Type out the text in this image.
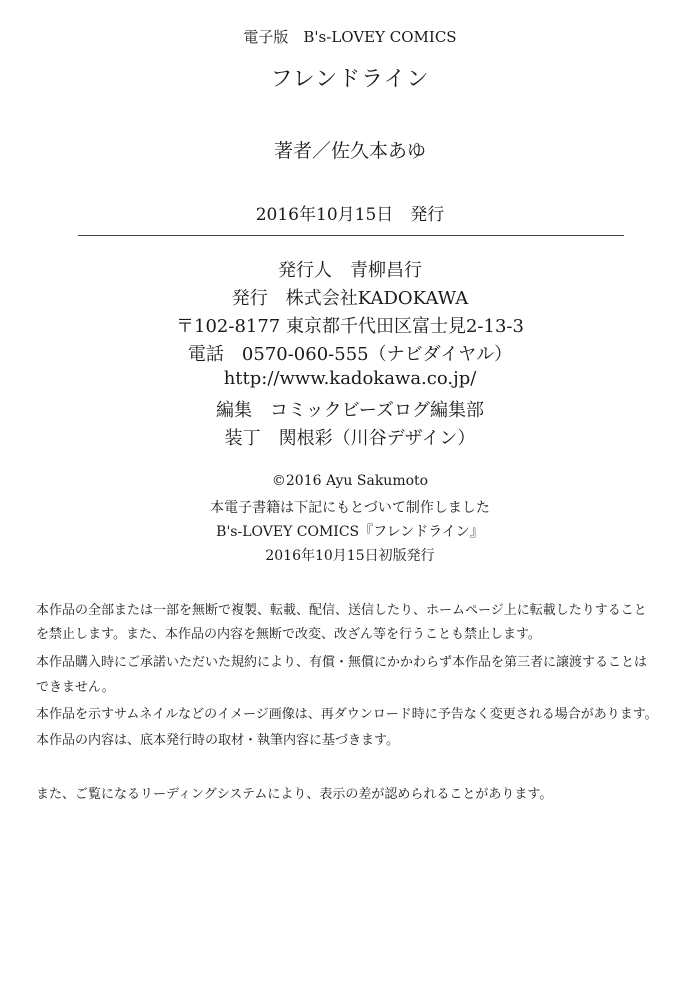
電子版　B's-LOVEY COMICS
フレンドライン
著者／佐久本あゆ
2016年10月15日　発行
発行人　青柳昌行
発行　株式会社KADOKAWA
〒102-8177 東京都千代田区富士見2-13-3
電話　0570-060-555（ナビダイヤル）
http://www.kadokawa.co.jp/
編集　コミックビーズログ編集部
装丁　関根彩（川谷デザイン）
©2016 Ayu Sakumoto
本電子書籍は下記にもとづいて制作しました
B's-LOVEY COMICS『フレンドライン』
2016年10月15日初版発行
本作品の全部または一部を無断で複製、転載、配信、送信したり、ホームページ上に転載したりすること
を禁止します。また、本作品の内容を無断で改変、改ざん等を行うことも禁止します。
本作品購入時にご承諾いただいた規約により、有償・無償にかかわらず本作品を第三者に譲渡することは
できません。
本作品を示すサムネイルなどのイメージ画像は、再ダウンロード時に予告なく変更される場合があります。
本作品の内容は、底本発行時の取材・執筆内容に基づきます。
また、ご覧になるリーディングシステムにより、表示の差が認められることがあります。
